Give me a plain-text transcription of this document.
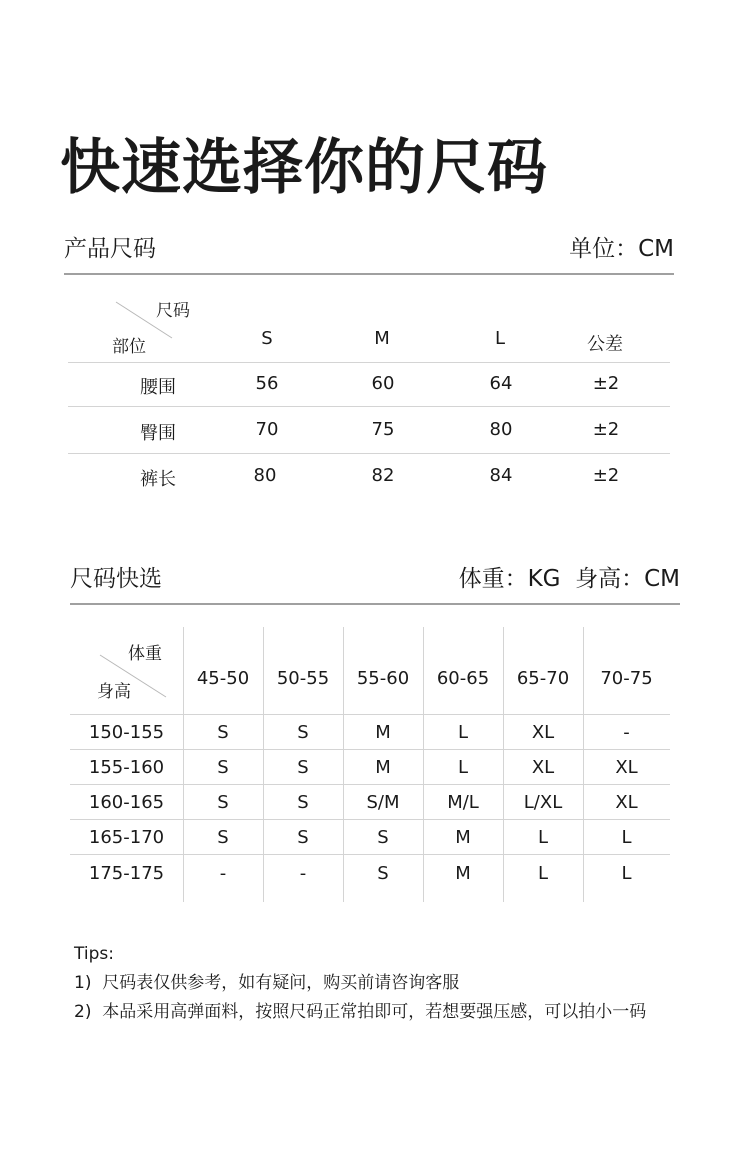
快速选择你的尺码
产品尺码	单位：CM
尺码
部位	S	M	L	公差
腰围	56	60	64	±2
臀围	70	75	80	±2
裤长	80	82	84	±2
尺码快选	体重：KG  身高：CM
体重
身高
45-50	50-55	55-60	60-65	65-70	70-75
150-155	S	S	M	L	XL	-
155-160	S	S	M	L	XL	XL
160-165	S	S	S/M	M/L	L/XL	XL
165-170	S	S	S	M	L	L
175-175	-	-	S	M	L	L
Tips:
1)  尺码表仅供参考，如有疑问，购买前请咨询客服
2)  本品采用高弹面料，按照尺码正常拍即可，若想要强压感，可以拍小一码
